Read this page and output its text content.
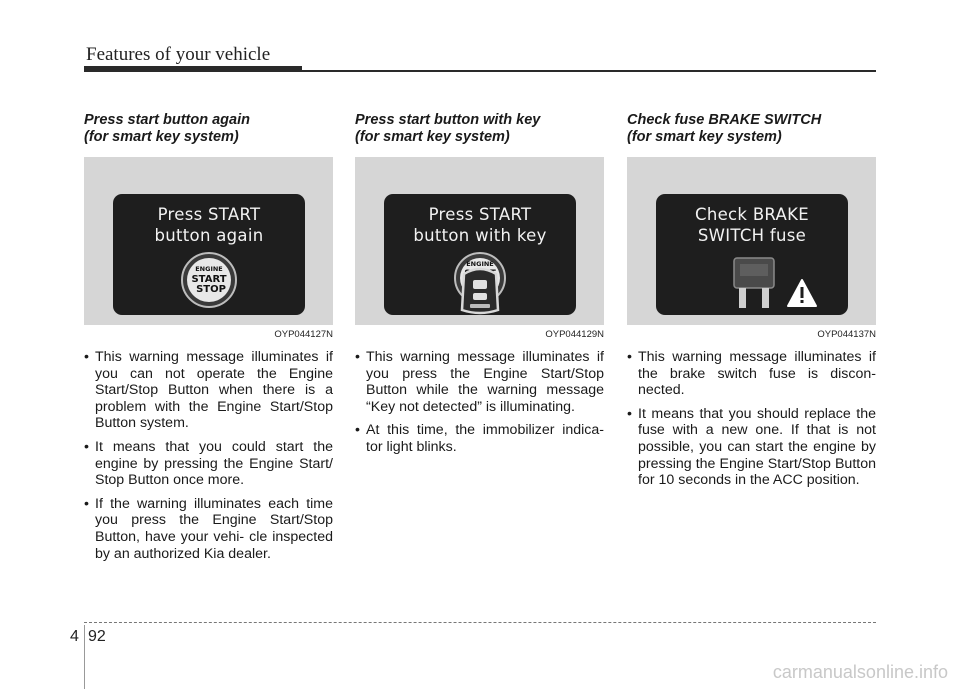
Features of your vehicle
Press start button again
(for smart key system)
Press START
button again
ENGINE
START
STOP
OYP044127N
• This warning message illuminates if you can not operate the Engine Start/Stop Button when there is a problem with the Engine Start/Stop Button system.
• It means that you could start the engine by pressing the Engine Start/ Stop Button once more.
• If the warning illuminates each time you press the Engine Start/Stop Button, have your vehi- cle inspected by an authorized Kia dealer.
Press start button with key
(for smart key system)
Press START
button with key
ENGINE
OYP044129N
• This warning message illuminates if you press the Engine Start/Stop Button while the warning message “Key not detected” is illuminating.
• At this time, the immobilizer indica- tor light blinks.
Check fuse BRAKE SWITCH
(for smart key system)
Check BRAKE
SWITCH fuse
OYP044137N
• This warning message illuminates if the brake switch fuse is discon- nected.
• It means that you should replace the fuse with a new one. If that is not possible, you can start the engine by pressing the Engine Start/Stop Button for 10 seconds in the ACC position.
4 92
carmanualsonline.info
